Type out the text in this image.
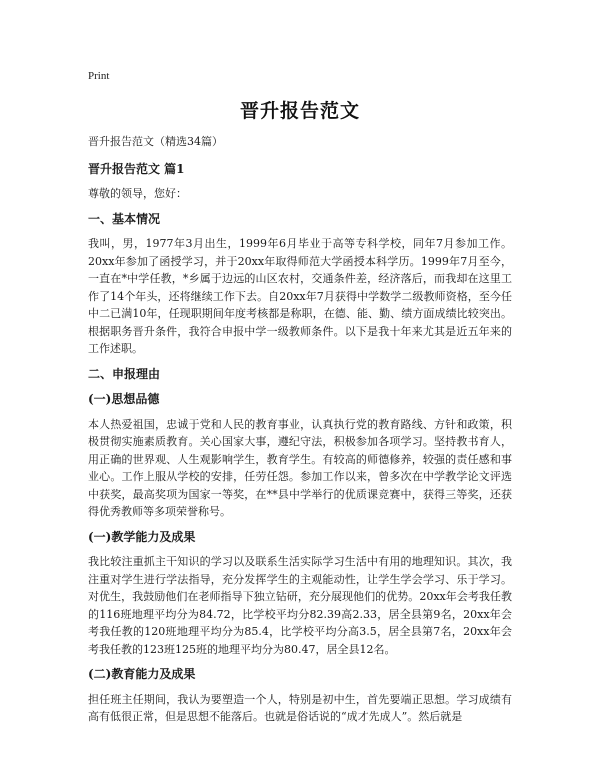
Print
晋升报告范文

晋升报告范文（精选34篇）

晋升报告范文 篇1

尊敬的领导，您好：

一、基本情况

我叫，男，1977年3月出生，1999年6月毕业于高等专科学校，同年7月参加工作。20xx年参加了函授学习，并于20xx年取得师范大学函授本科学历。1999年7月至今，一直在*中学任教，*乡属于边远的山区农村，交通条件差，经济落后，而我却在这里工作了14个年头，还将继续工作下去。自20xx年7月获得中学数学二级教师资格，至今任中二已满10年，任现职期间年度考核都是称职，在德、能、勤、绩方面成绩比较突出。根据职务晋升条件，我符合申报中学一级教师条件。以下是我十年来尤其是近五年来的工作述职。

二、申报理由

(一)思想品德

本人热爱祖国，忠诚于党和人民的教育事业，认真执行党的教育路线、方针和政策，积极贯彻实施素质教育。关心国家大事，遵纪守法，积极参加各项学习。坚持教书育人，用正确的世界观、人生观影响学生，教育学生。有较高的师德修养，较强的责任感和事业心。工作上服从学校的安排，任劳任怨。参加工作以来，曾多次在中学教学论文评选中获奖，最高奖项为国家一等奖，在**县中学举行的优质课竞赛中，获得三等奖，还获得优秀教师等多项荣誉称号。

(一)教学能力及成果

我比较注重抓主干知识的学习以及联系生活实际学习生活中有用的地理知识。其次，我注重对学生进行学法指导，充分发挥学生的主观能动性，让学生学会学习、乐于学习。对优生，我鼓励他们在老师指导下独立钻研，充分展现他们的优势。20xx年会考我任教的116班地理平均分为84.72，比学校平均分82.39高2.33，居全县第9名，20xx年会考我任教的120班地理平均分为85.4，比学校平均分高3.5，居全县第7名，20xx年会考我任教的123班125班的地理平均分为80.47，居全县12名。

(二)教育能力及成果

担任班主任期间，我认为要塑造一个人，特别是初中生，首先要端正思想。学习成绩有高有低很正常，但是思想不能落后。也就是俗话说的“成才先成人”。然后就是
